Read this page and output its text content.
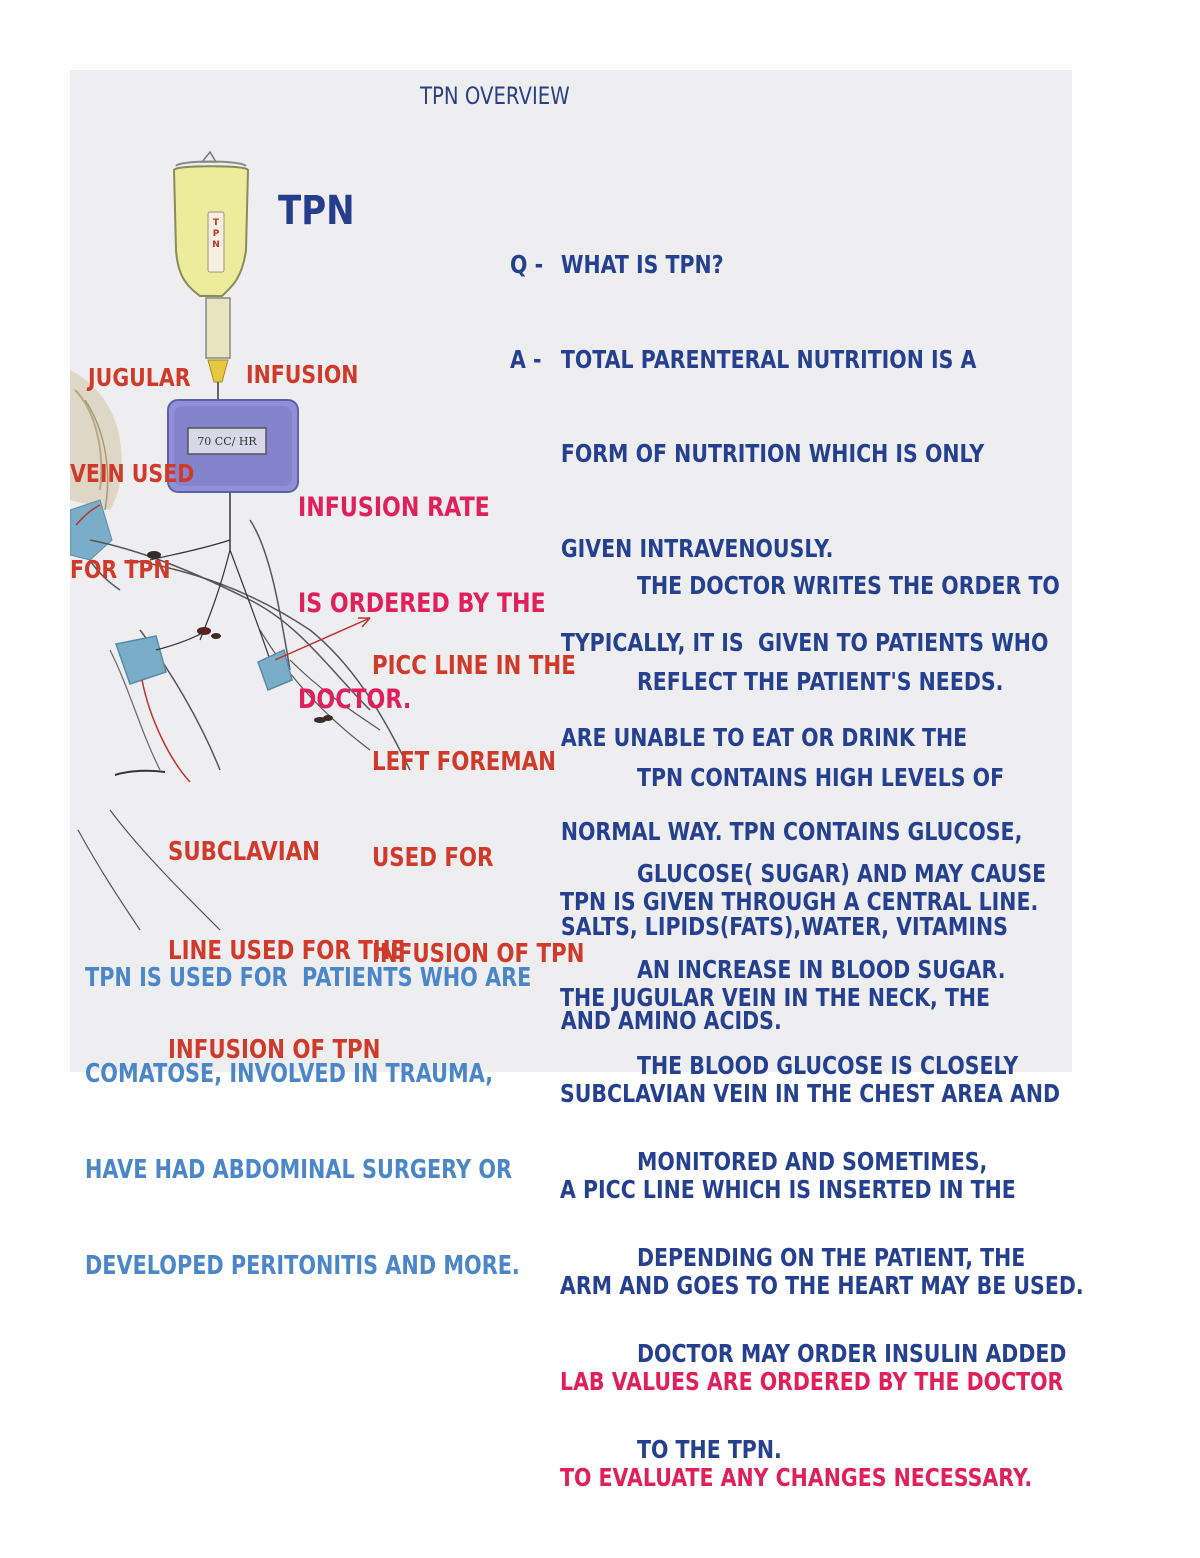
TPN OVERVIEW
TPN
T
P
N
70 CC/ HR

JUGULAR

VEIN USED

FOR TPN

INFUSION

INFUSION RATE

IS ORDERED BY THE

DOCTOR.

PICC LINE IN THE

LEFT FOREMAN

USED FOR

INFUSION OF TPN

SUBCLAVIAN

LINE USED FOR THE

INFUSION OF TPN

TPN IS USED FOR  PATIENTS WHO ARE

COMATOSE, INVOLVED IN TRAUMA,

HAVE HAD ABDOMINAL SURGERY OR

DEVELOPED PERITONITIS AND MORE.

Q - WHAT IS TPN?

A - TOTAL PARENTERAL NUTRITION IS A

FORM OF NUTRITION WHICH IS ONLY

GIVEN INTRAVENOUSLY.

TYPICALLY, IT IS  GIVEN TO PATIENTS WHO

ARE UNABLE TO EAT OR DRINK THE

NORMAL WAY. TPN CONTAINS GLUCOSE,

SALTS, LIPIDS(FATS),WATER, VITAMINS

AND AMINO ACIDS.

THE DOCTOR WRITES THE ORDER TO

REFLECT THE PATIENT'S NEEDS.

TPN CONTAINS HIGH LEVELS OF

GLUCOSE( SUGAR) AND MAY CAUSE

AN INCREASE IN BLOOD SUGAR.

THE BLOOD GLUCOSE IS CLOSELY

MONITORED AND SOMETIMES,

DEPENDING ON THE PATIENT, THE

DOCTOR MAY ORDER INSULIN ADDED

TO THE TPN.

TPN IS GIVEN THROUGH A CENTRAL LINE.

THE JUGULAR VEIN IN THE NECK, THE

SUBCLAVIAN VEIN IN THE CHEST AREA AND

A PICC LINE WHICH IS INSERTED IN THE

ARM AND GOES TO THE HEART MAY BE USED.

LAB VALUES ARE ORDERED BY THE DOCTOR

TO EVALUATE ANY CHANGES NECESSARY.
